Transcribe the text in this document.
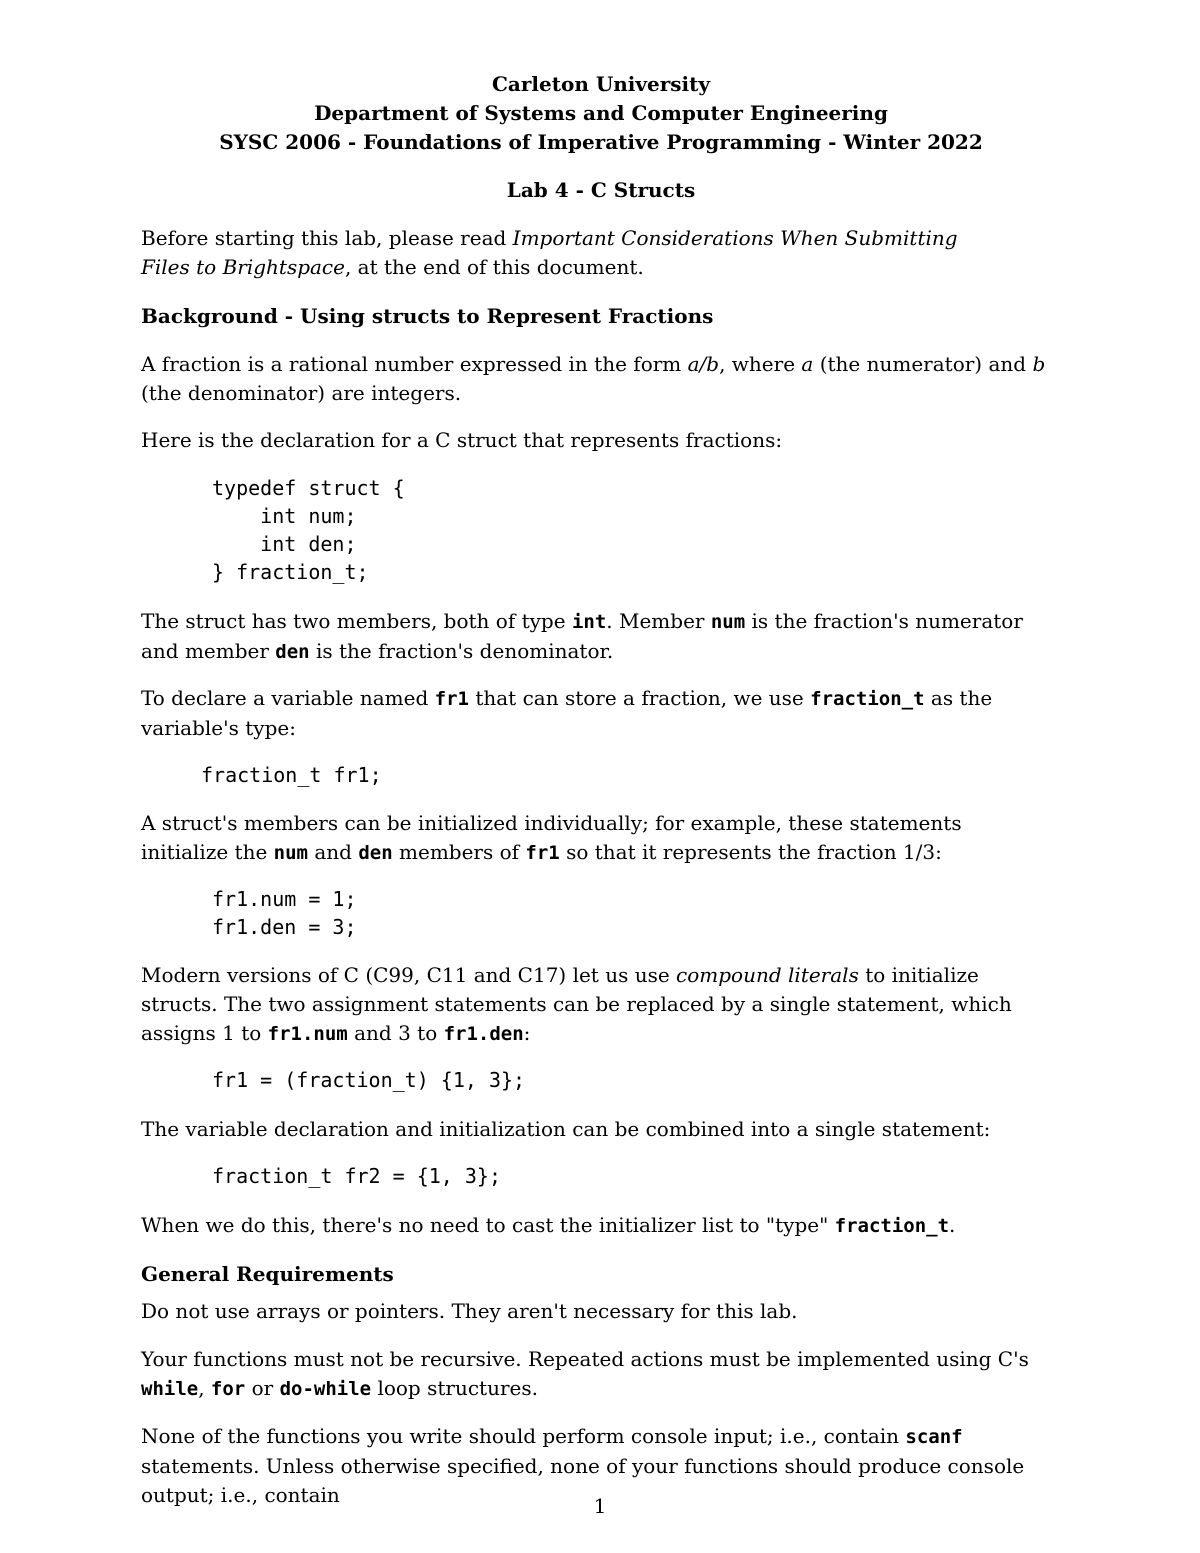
Carleton University

Department of Systems and Computer Engineering

SYSC 2006 - Foundations of Imperative Programming - Winter 2022

Lab 4 - C Structs

Before starting this lab, please read Important Considerations When Submitting Files to Brightspace, at the end of this document.

Background - Using structs to Represent Fractions

A fraction is a rational number expressed in the form a/b, where a (the numerator) and b (the denominator) are integers.

Here is the declaration for a C struct that represents fractions:

typedef struct {

int num;

int den;

} fraction_t;

The struct has two members, both of type int. Member num is the fraction's numerator and member den is the fraction's denominator.

To declare a variable named fr1 that can store a fraction, we use fraction_t as the variable's type:

fraction_t fr1;

A struct's members can be initialized individually; for example, these statements initialize the num and den members of fr1 so that it represents the fraction 1/3:

fr1.num = 1;

fr1.den = 3;

Modern versions of C (C99, C11 and C17) let us use compound literals to initialize structs. The two assignment statements can be replaced by a single statement, which assigns 1 to fr1.num and 3 to fr1.den:

fr1 = (fraction_t) {1, 3};

The variable declaration and initialization can be combined into a single statement:

fraction_t fr2 = {1, 3};

When we do this, there's no need to cast the initializer list to "type" fraction_t.

General Requirements

Do not use arrays or pointers. They aren't necessary for this lab.

Your functions must not be recursive. Repeated actions must be implemented using C's while, for or do-while loop structures.

None of the functions you write should perform console input; i.e., contain scanf statements. Unless otherwise specified, none of your functions should produce console output; i.e., contain	1
